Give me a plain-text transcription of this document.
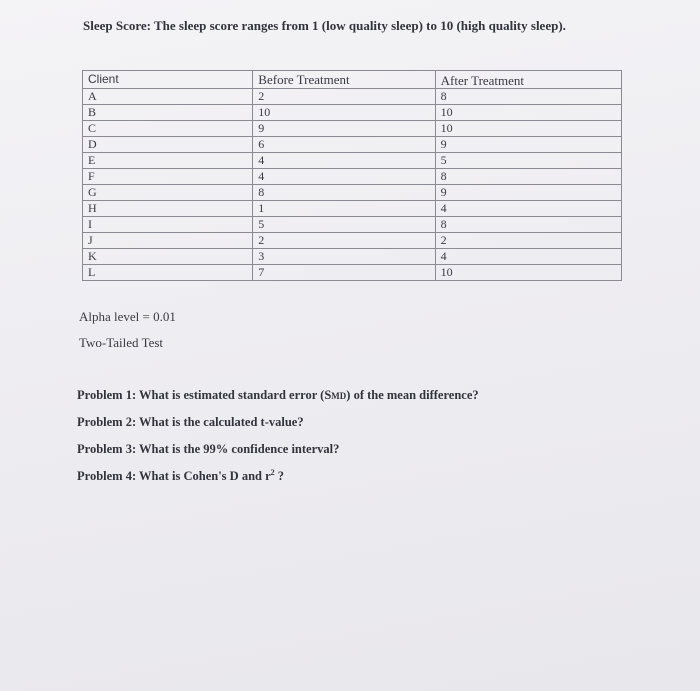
Sleep Score: The sleep score ranges from 1 (low quality sleep) to 10 (high quality sleep).
Client	Before Treatment	After Treatment
A	2	8
B	10	10
C	9	10
D	6	9
E	4	5
F	4	8
G	8	9
H	1	4
I	5	8
J	2	2
K	3	4
L	7	10
Alpha level = 0.01
Two-Tailed Test
Problem 1: What is estimated standard error (SMD) of the mean difference?
Problem 2: What is the calculated t-value?
Problem 3: What is the 99% confidence interval?
Problem 4: What is Cohen's D and $r^2$ ?
